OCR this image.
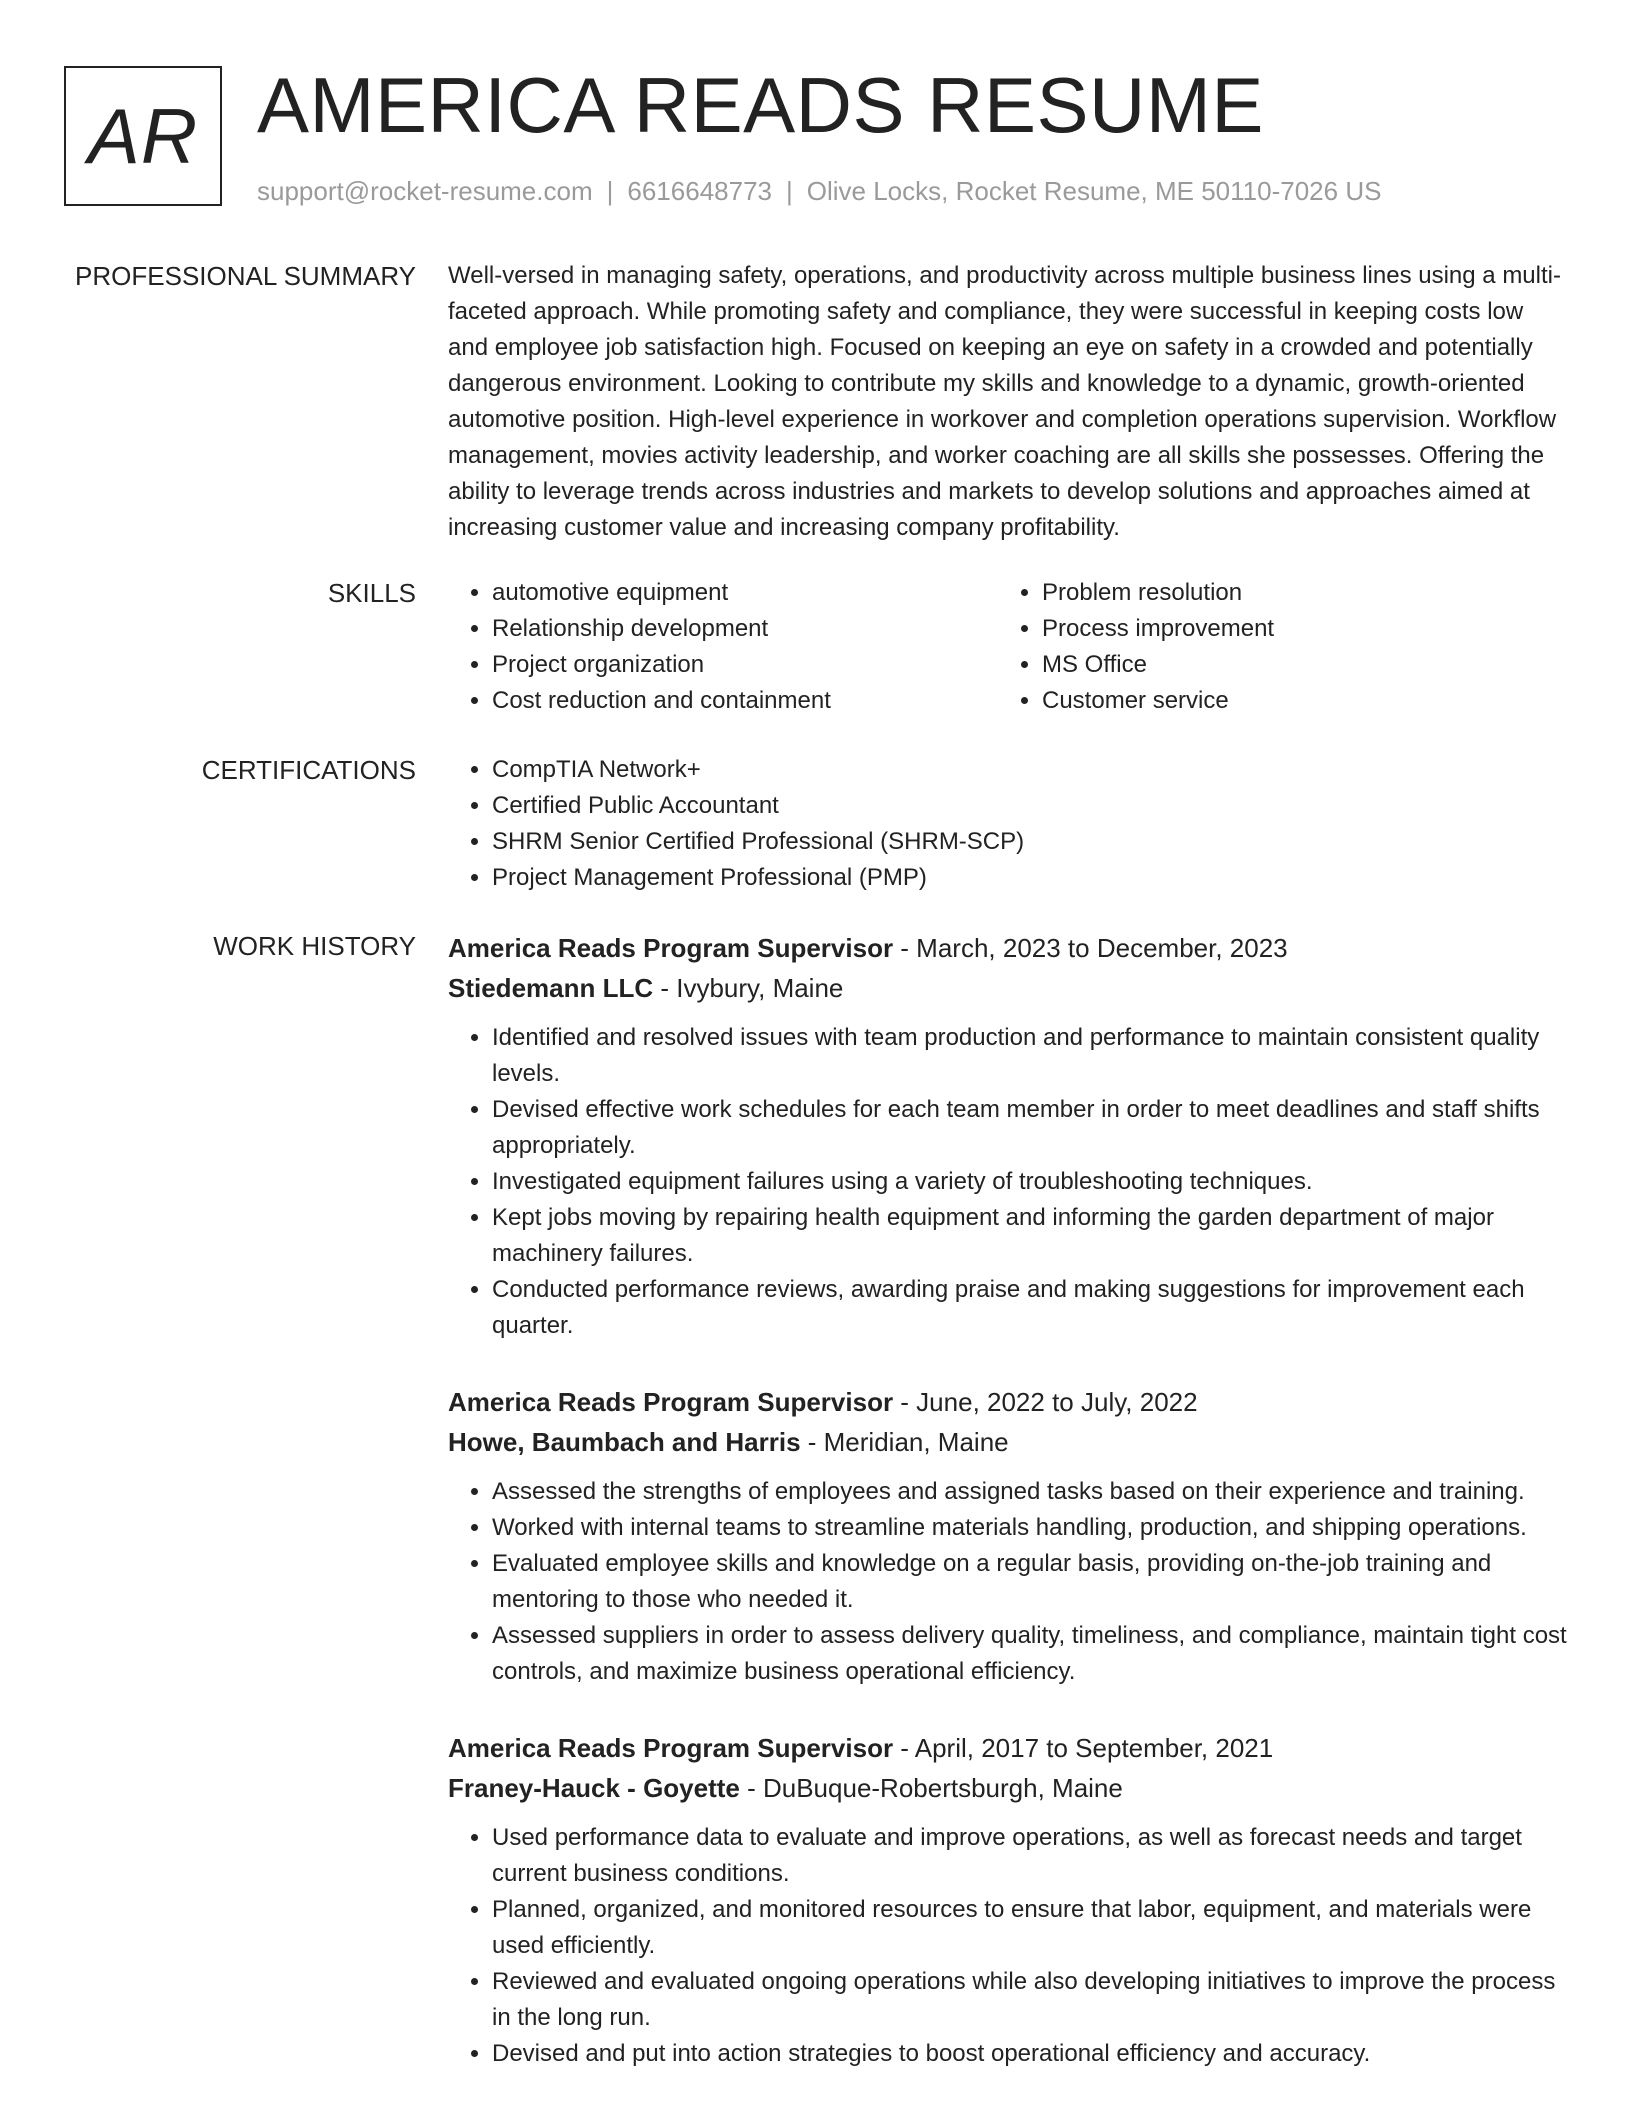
AR AMERICA READS RESUME
support@rocket-resume.com | 6616648773 | Olive Locks, Rocket Resume, ME 50110-7026 US
PROFESSIONAL SUMMARY Well-versed in managing safety, operations, and productivity across multiple business lines using a multi-faceted approach. While promoting safety and compliance, they were successful in keeping costs low and employee job satisfaction high. Focused on keeping an eye on safety in a crowded and potentially dangerous environment. Looking to contribute my skills and knowledge to a dynamic, growth-oriented automotive position. High-level experience in workover and completion operations supervision. Workflow management, movies activity leadership, and worker coaching are all skills she possesses. Offering the ability to leverage trends across industries and markets to develop solutions and approaches aimed at increasing customer value and increasing company profitability.

SKILLS	• automotive equipment
• Relationship development
• Project organization
• Cost reduction and containment
• Problem resolution
• Process improvement
• MS Office
• Customer service
CERTIFICATIONS	• CompTIA Network+
• Certified Public Accountant
• SHRM Senior Certified Professional (SHRM-SCP)
• Project Management Professional (PMP)
WORK HISTORY America Reads Program Supervisor - March, 2023 to December, 2023
Stiedemann LLC - Ivybury, Maine
• Identified and resolved issues with team production and performance to maintain consistent quality levels.
• Devised effective work schedules for each team member in order to meet deadlines and staff shifts appropriately.
• Investigated equipment failures using a variety of troubleshooting techniques.
• Kept jobs moving by repairing health equipment and informing the garden department of major machinery failures.
• Conducted performance reviews, awarding praise and making suggestions for improvement each quarter.
America Reads Program Supervisor - June, 2022 to July, 2022
Howe, Baumbach and Harris - Meridian, Maine
• Assessed the strengths of employees and assigned tasks based on their experience and training.
• Worked with internal teams to streamline materials handling, production, and shipping operations.
• Evaluated employee skills and knowledge on a regular basis, providing on-the-job training and mentoring to those who needed it.
• Assessed suppliers in order to assess delivery quality, timeliness, and compliance, maintain tight cost controls, and maximize business operational efficiency.
America Reads Program Supervisor - April, 2017 to September, 2021
Franey-Hauck - Goyette - DuBuque-Robertsburgh, Maine
• Used performance data to evaluate and improve operations, as well as forecast needs and target current business conditions.
• Planned, organized, and monitored resources to ensure that labor, equipment, and materials were used efficiently.
• Reviewed and evaluated ongoing operations while also developing initiatives to improve the process in the long run.
• Devised and put into action strategies to boost operational efficiency and accuracy.
